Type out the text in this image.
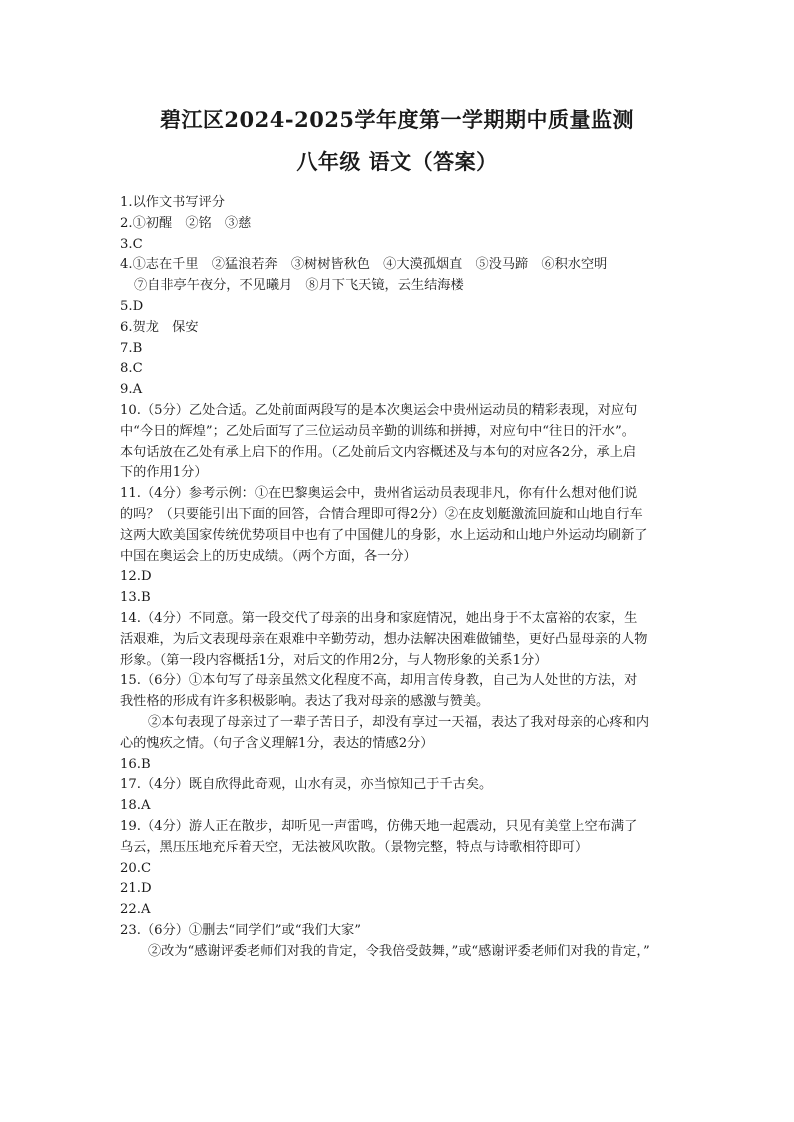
碧江区2024-2025学年度第一学期期中质量监测
八年级 语文（答案）
1.以作文书写评分
2.①初醒　②铭　③慈
3.C
4.①志在千里　②猛浪若奔　③树树皆秋色　④大漠孤烟直　⑤没马蹄　⑥积水空明
⑦自非亭午夜分，不见曦月　⑧月下飞天镜，云生结海楼
5.D
6.贺龙　保安
7.B
8.C
9.A
10.（5分）乙处合适。乙处前面两段写的是本次奥运会中贵州运动员的精彩表现，对应句
中“今日的辉煌”；乙处后面写了三位运动员辛勤的训练和拼搏，对应句中“往日的汗水”。
本句话放在乙处有承上启下的作用。（乙处前后文内容概述及与本句的对应各2分，承上启
下的作用1分）
11.（4分）参考示例：①在巴黎奥运会中，贵州省运动员表现非凡，你有什么想对他们说
的吗？（只要能引出下面的回答，合情合理即可得2分）②在皮划艇激流回旋和山地自行车
这两大欧美国家传统优势项目中也有了中国健儿的身影，水上运动和山地户外运动均刷新了
中国在奥运会上的历史成绩。（两个方面，各一分）
12.D
13.B
14.（4分）不同意。第一段交代了母亲的出身和家庭情况，她出身于不太富裕的农家，生
活艰难，为后文表现母亲在艰难中辛勤劳动，想办法解决困难做铺垫，更好凸显母亲的人物
形象。（第一段内容概括1分，对后文的作用2分，与人物形象的关系1分）
15.（6分）①本句写了母亲虽然文化程度不高，却用言传身教，自己为人处世的方法，对
我性格的形成有许多积极影响。表达了我对母亲的感激与赞美。
②本句表现了母亲过了一辈子苦日子，却没有享过一天福，表达了我对母亲的心疼和内
心的愧疚之情。（句子含义理解1分，表达的情感2分）
16.B
17.（4分）既自欣得此奇观，山水有灵，亦当惊知己于千古矣。
18.A
19.（4分）游人正在散步，却听见一声雷鸣，仿佛天地一起震动，只见有美堂上空布满了
乌云，黑压压地充斥着天空，无法被风吹散。（景物完整，特点与诗歌相符即可）
20.C
21.D
22.A
23.（6分）①删去“同学们”或“我们大家”
②改为“感谢评委老师们对我的肯定，令我倍受鼓舞，”或“感谢评委老师们对我的肯定，”
